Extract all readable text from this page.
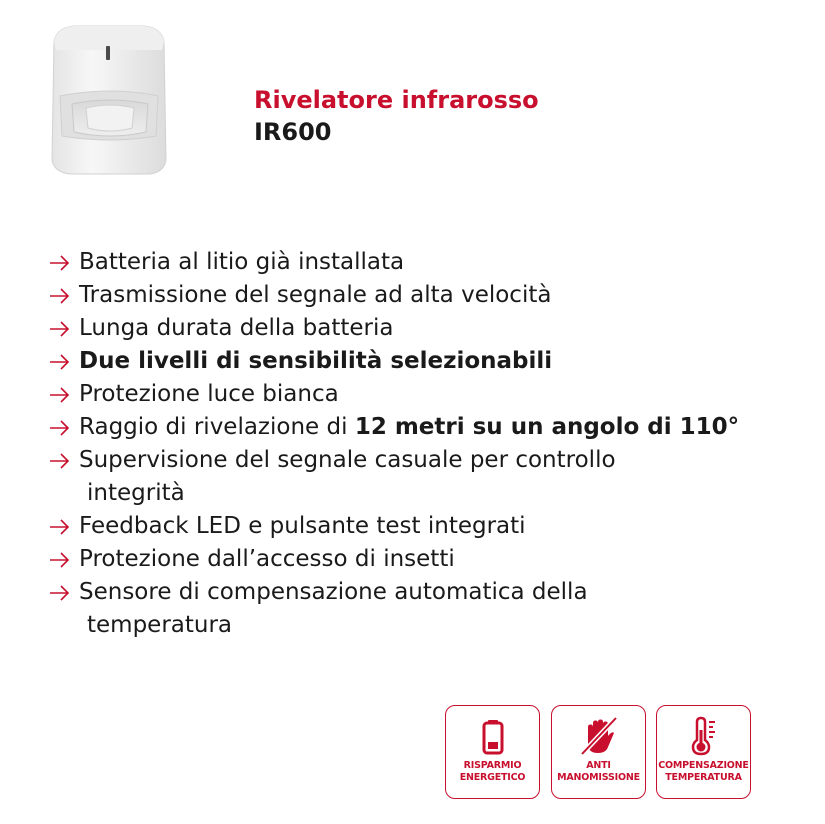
Rivelatore infrarosso
IR600
Batteria al litio già installata
Trasmissione del segnale ad alta velocità
Lunga durata della batteria
Due livelli di sensibilità selezionabili
Protezione luce bianca
Raggio di rivelazione di 12 metri su un angolo di 110°
Supervisione del segnale casuale per controllo
integrità
Feedback LED e pulsante test integrati
Protezione dall’accesso di insetti
Sensore di compensazione automatica della
temperatura
RISPARMIO
ENERGETICO
ANTI
MANOMISSIONE
COMPENSAZIONE
TEMPERATURA
